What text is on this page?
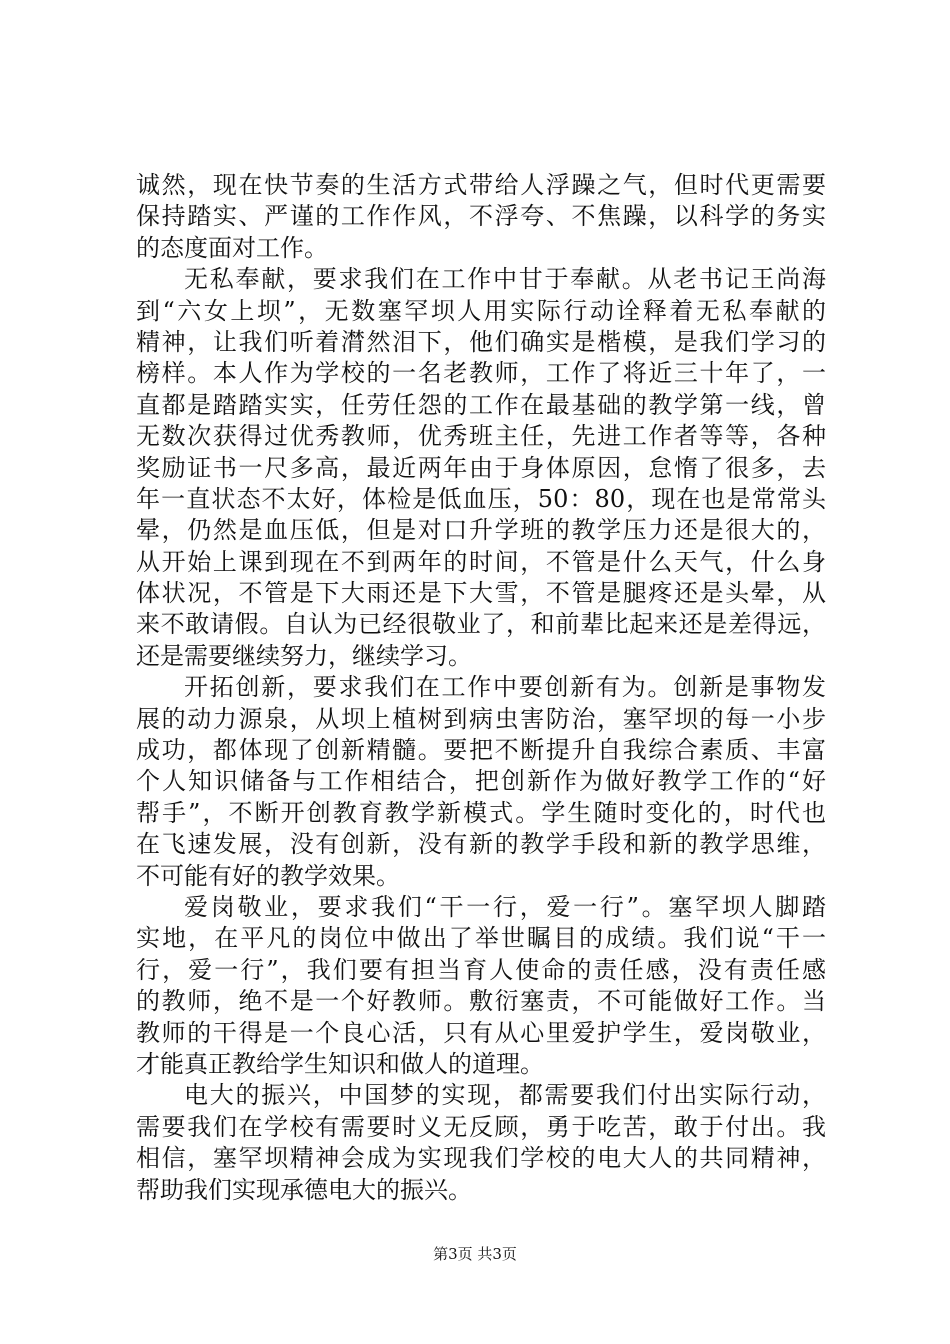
诚然，现在快节奏的生活方式带给人浮躁之气，但时代更需要
保持踏实、严谨的工作作风，不浮夸、不焦躁，以科学的务实
的态度面对工作。
无私奉献，要求我们在工作中甘于奉献。从老书记王尚海
到“六女上坝”，无数塞罕坝人用实际行动诠释着无私奉献的
精神，让我们听着潸然泪下，他们确实是楷模，是我们学习的
榜样。本人作为学校的一名老教师，工作了将近三十年了，一
直都是踏踏实实，任劳任怨的工作在最基础的教学第一线，曾
无数次获得过优秀教师，优秀班主任，先进工作者等等，各种
奖励证书一尺多高，最近两年由于身体原因，怠惰了很多，去
年一直状态不太好，体检是低血压，50：80，现在也是常常头
晕，仍然是血压低，但是对口升学班的教学压力还是很大的，
从开始上课到现在不到两年的时间，不管是什么天气，什么身
体状况，不管是下大雨还是下大雪，不管是腿疼还是头晕，从
来不敢请假。自认为已经很敬业了，和前辈比起来还是差得远，
还是需要继续努力，继续学习。
开拓创新，要求我们在工作中要创新有为。创新是事物发
展的动力源泉，从坝上植树到病虫害防治，塞罕坝的每一小步
成功，都体现了创新精髓。要把不断提升自我综合素质、丰富
个人知识储备与工作相结合，把创新作为做好教学工作的“好
帮手”，不断开创教育教学新模式。学生随时变化的，时代也
在飞速发展，没有创新，没有新的教学手段和新的教学思维，
不可能有好的教学效果。
爱岗敬业，要求我们“干一行，爱一行”。塞罕坝人脚踏
实地，在平凡的岗位中做出了举世瞩目的成绩。我们说“干一
行，爱一行”，我们要有担当育人使命的责任感，没有责任感
的教师，绝不是一个好教师。敷衍塞责，不可能做好工作。当
教师的干得是一个良心活，只有从心里爱护学生，爱岗敬业，
才能真正教给学生知识和做人的道理。
电大的振兴，中国梦的实现，都需要我们付出实际行动，
需要我们在学校有需要时义无反顾，勇于吃苦，敢于付出。我
相信，塞罕坝精神会成为实现我们学校的电大人的共同精神，
帮助我们实现承德电大的振兴。
第3页 共3页
